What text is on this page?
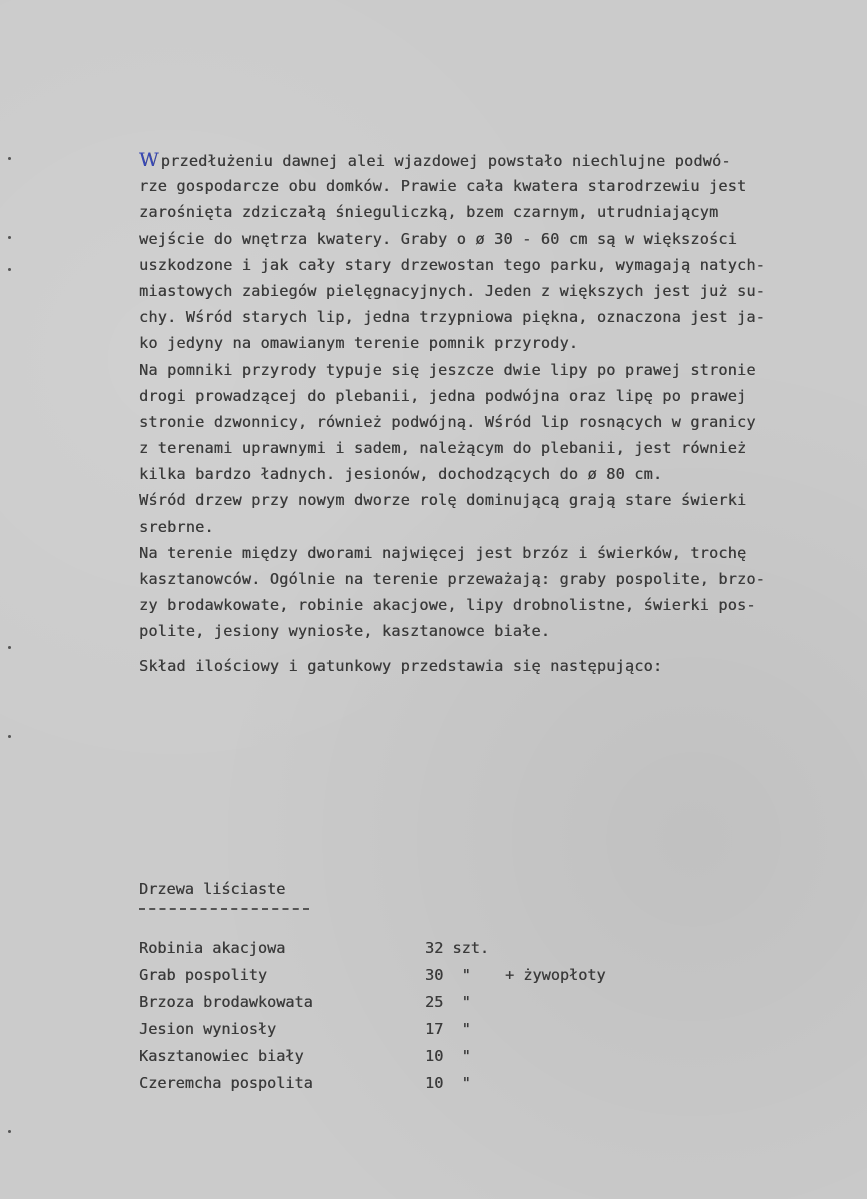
W przedłużeniu dawnej alei wjazdowej powstało niechlujne podwó-
rze gospodarcze obu domków. Prawie cała kwatera starodrzewiu jest
zarośnięta zdziczałą śnieguliczką, bzem czarnym, utrudniającym
wejście do wnętrza kwatery. Graby o ø 30 - 60 cm są w większości
uszkodzone i jak cały stary drzewostan tego parku, wymagają natych-
miastowych zabiegów pielęgnacyjnych. Jeden z większych jest już su-
chy. Wśród starych lip, jedna trzypniowa piękna, oznaczona jest ja-
ko jedyny na omawianym terenie pomnik przyrody.
Na pomniki przyrody typuje się jeszcze dwie lipy po prawej stronie
drogi prowadzącej do plebanii, jedna podwójna oraz lipę po prawej
stronie dzwonnicy, również podwójną. Wśród lip rosnących w granicy
z terenami uprawnymi i sadem, należącym do plebanii, jest również
kilka bardzo ładnych. jesionów, dochodzących do ø 80 cm.
Wśród drzew przy nowym dworze rolę dominującą grają stare świerki
srebrne.
Na terenie między dworami najwięcej jest brzóz i świerków, trochę
kasztanowców. Ogólnie na terenie przeważają: graby pospolite, brzo-
zy brodawkowate, robinie akacjowe, lipy drobnolistne, świerki pos-
polite, jesiony wyniosłe, kasztanowce białe.
Skład ilościowy i gatunkowy przedstawia się następująco:
Drzewa liściaste
Robinia akacjowa	32 szt.	
Grab pospolity	30  "	+ żywopłoty
Brzoza brodawkowata	25  "	
Jesion wyniosły	17  "	
Kasztanowiec biały	10  "	
Czeremcha pospolita	10  "	
